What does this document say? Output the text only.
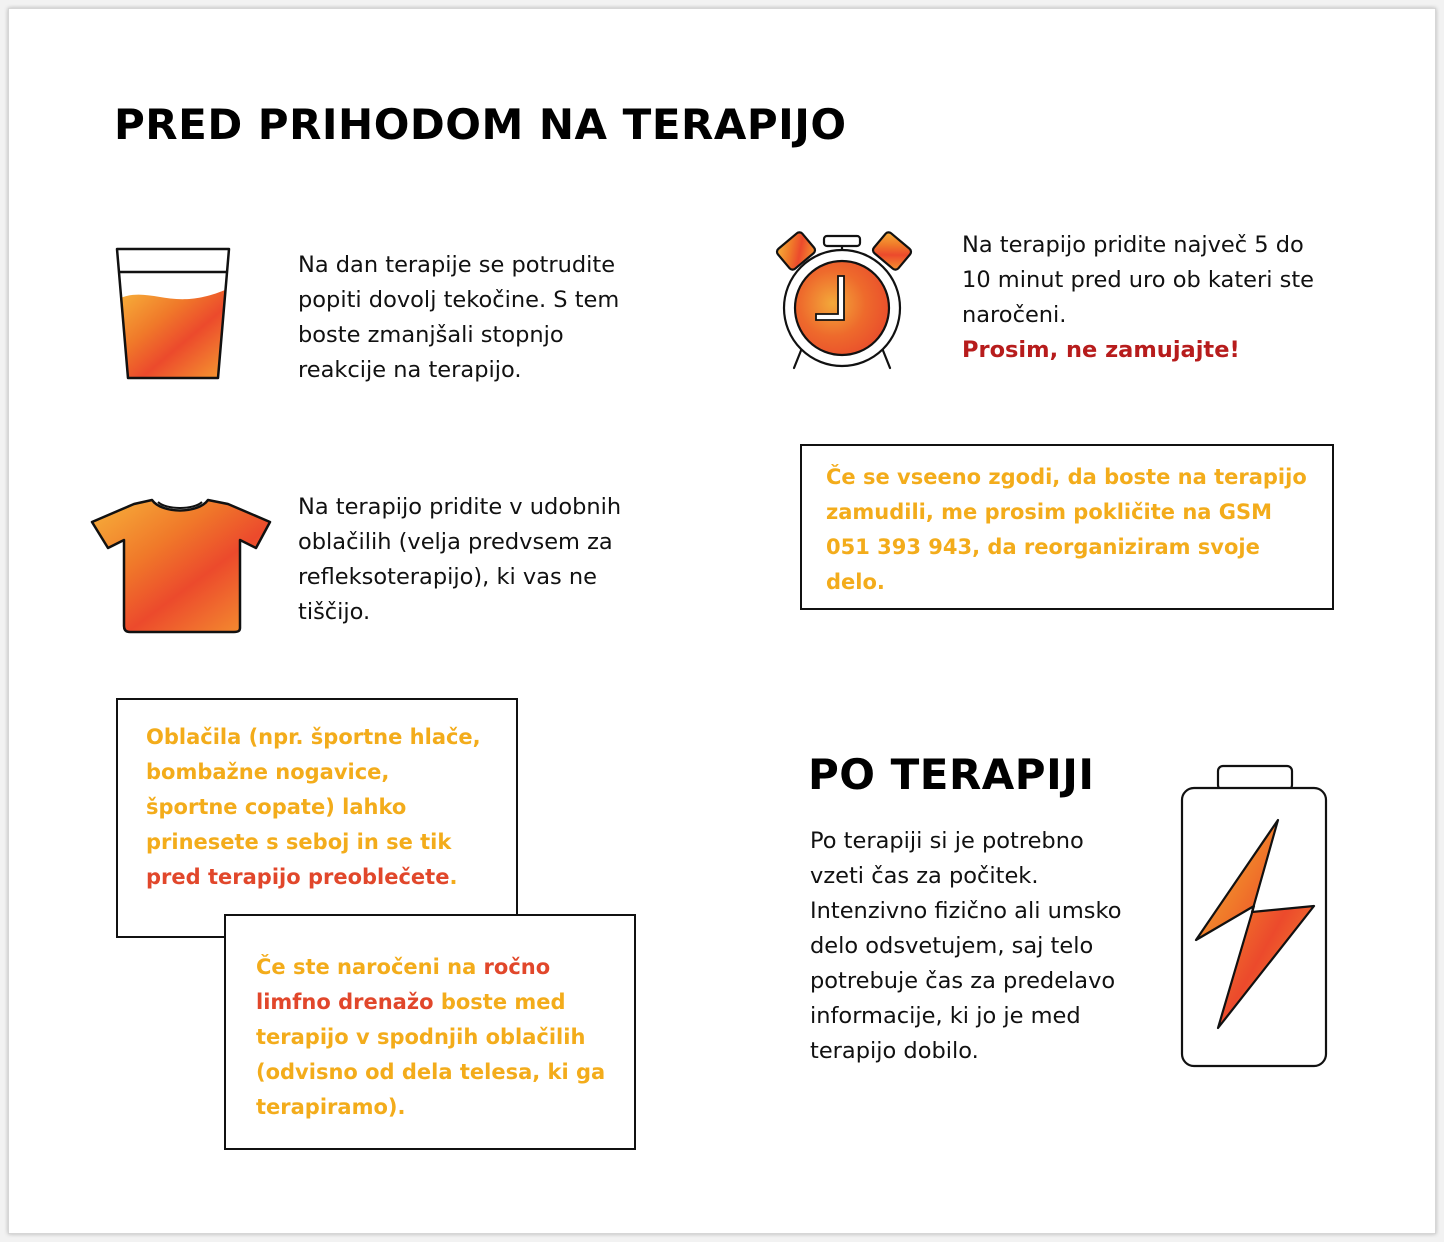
PRED PRIHODOM NA TERAPIJO

Na dan terapije se potrudite

popiti dovolj tekočine. S tem

boste zmanjšali stopnjo

reakcije na terapijo.

Na terapijo pridite v udobnih

oblačilih (velja predvsem za

refleksoterapijo), ki vas ne

tiščijo.

Na terapijo pridite največ 5 do

10 minut pred uro ob kateri ste

naročeni.

Prosim, ne zamujajte!

Če se vseeno zgodi, da boste na terapijo
zamudili, me prosim pokličite na GSM
051 393 943, da reorganiziram svoje
delo.
Oblačila (npr. športne hlače,
bombažne nogavice,
športne copate) lahko
prinesete s seboj in se tik
pred terapijo preoblečete.
Če ste naročeni na ročno
limfno drenažo boste med
terapijo v spodnjih oblačilih
(odvisno od dela telesa, ki ga
terapiramo).
PO TERAPIJI

Po terapiji si je potrebno

vzeti čas za počitek.

Intenzivno fizično ali umsko

delo odsvetujem, saj telo

potrebuje čas za predelavo

informacije, ki jo je med

terapijo dobilo.
